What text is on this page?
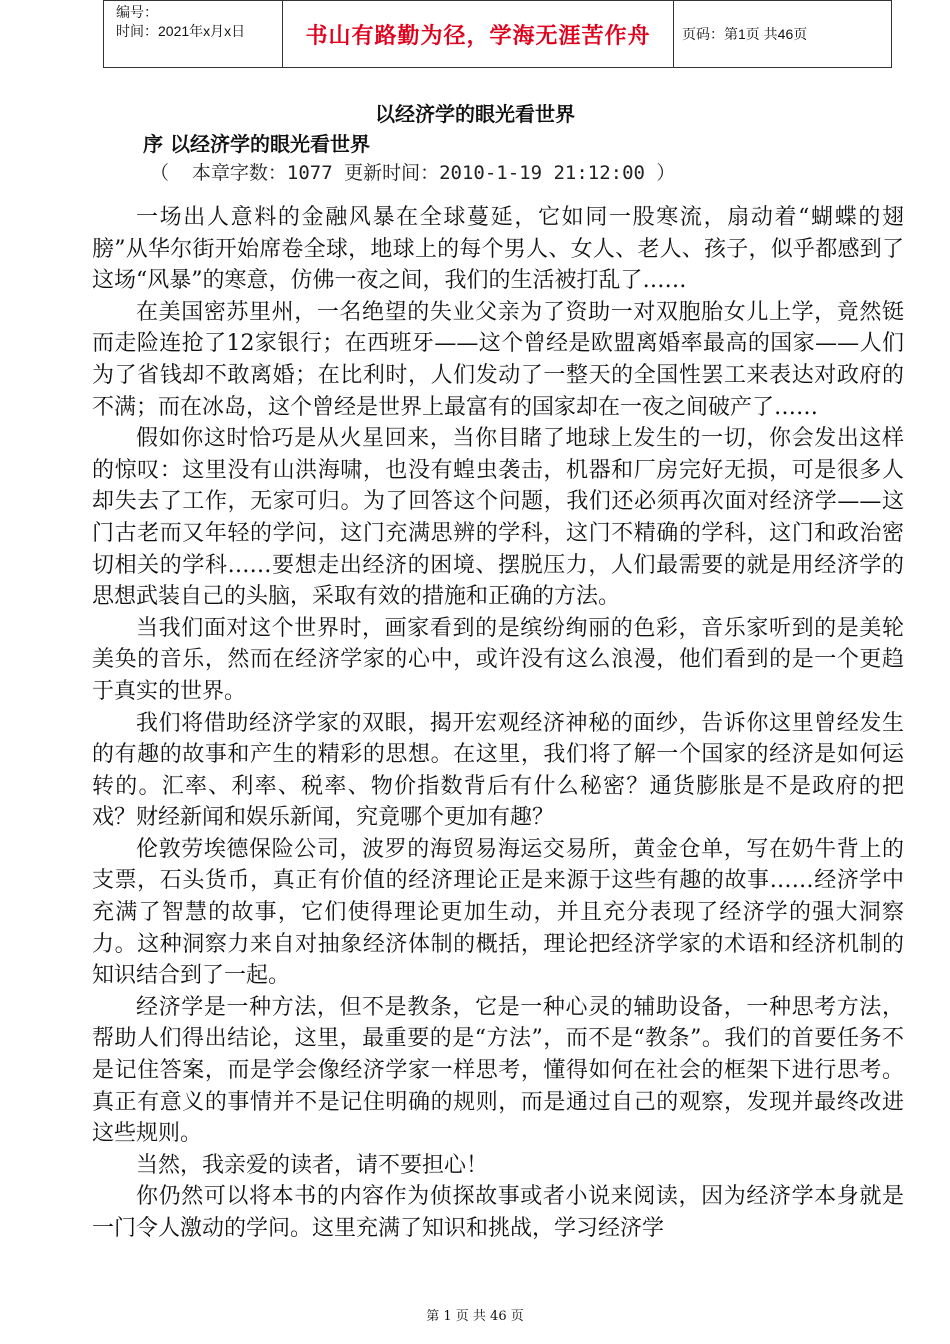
编号：
时间：2021年x月x日	书山有路勤为径，学海无涯苦作舟	页码：第1页 共46页
以经济学的眼光看世界
序 以经济学的眼光看世界
（  本章字数：1077 更新时间：2010-1-19 21:12:00 ）

一场出人意料的金融风暴在全球蔓延，它如同一股寒流，扇动着“蝴蝶的翅膀”从华尔街开始席卷全球，地球上的每个男人、女人、老人、孩子，似乎都感到了这场“风暴”的寒意，仿佛一夜之间，我们的生活被打乱了……

在美国密苏里州，一名绝望的失业父亲为了资助一对双胞胎女儿上学，竟然铤而走险连抢了12家银行；在西班牙——这个曾经是欧盟离婚率最高的国家——人们为了省钱却不敢离婚；在比利时，人们发动了一整天的全国性罢工来表达对政府的不满；而在冰岛，这个曾经是世界上最富有的国家却在一夜之间破产了……

假如你这时恰巧是从火星回来，当你目睹了地球上发生的一切，你会发出这样的惊叹：这里没有山洪海啸，也没有蝗虫袭击，机器和厂房完好无损，可是很多人却失去了工作，无家可归。为了回答这个问题，我们还必须再次面对经济学——这门古老而又年轻的学问，这门充满思辨的学科，这门不精确的学科，这门和政治密切相关的学科……要想走出经济的困境、摆脱压力，人们最需要的就是用经济学的思想武装自己的头脑，采取有效的措施和正确的方法。

当我们面对这个世界时，画家看到的是缤纷绚丽的色彩，音乐家听到的是美轮美奂的音乐，然而在经济学家的心中，或许没有这么浪漫，他们看到的是一个更趋于真实的世界。

我们将借助经济学家的双眼，揭开宏观经济神秘的面纱，告诉你这里曾经发生的有趣的故事和产生的精彩的思想。在这里，我们将了解一个国家的经济是如何运转的。汇率、利率、税率、物价指数背后有什么秘密？通货膨胀是不是政府的把戏？财经新闻和娱乐新闻，究竟哪个更加有趣？

伦敦劳埃德保险公司，波罗的海贸易海运交易所，黄金仓单，写在奶牛背上的支票，石头货币，真正有价值的经济理论正是来源于这些有趣的故事……经济学中充满了智慧的故事，它们使得理论更加生动，并且充分表现了经济学的强大洞察力。这种洞察力来自对抽象经济体制的概括，理论把经济学家的术语和经济机制的知识结合到了一起。

经济学是一种方法，但不是教条，它是一种心灵的辅助设备，一种思考方法，帮助人们得出结论，这里，最重要的是“方法”，而不是“教条”。我们的首要任务不是记住答案，而是学会像经济学家一样思考，懂得如何在社会的框架下进行思考。真正有意义的事情并不是记住明确的规则，而是通过自己的观察，发现并最终改进这些规则。

当然，我亲爱的读者，请不要担心！

你仍然可以将本书的内容作为侦探故事或者小说来阅读，因为经济学本身就是一门令人激动的学问。这里充满了知识和挑战，学习经济学

第 1 页 共 46 页
